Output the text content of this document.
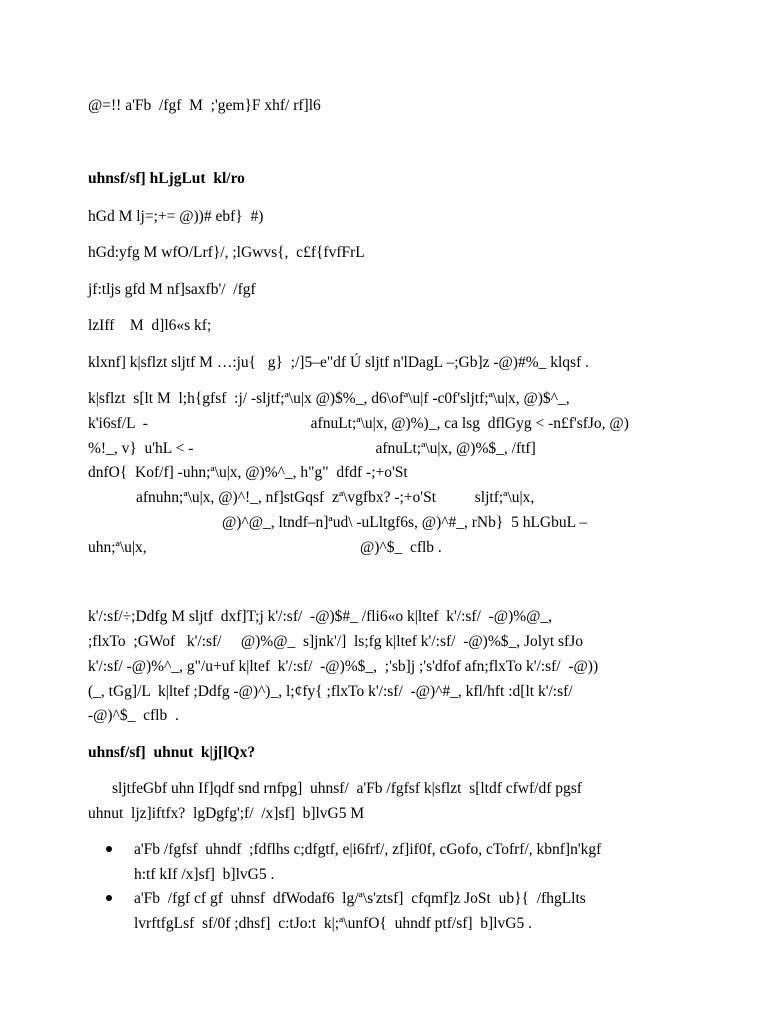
@=!! a'Fb  /fgf  M  ;'gem}F xhf/ rf]l6
uhnsf/sf] hLjgLut  kl/ro
hGd M lj=;+= @))# ebf}  #)
hGd:yfg M wfO/Lrf}/, ;lGwvs{,  c£f{fvfFrL
jf:tljs gfd M nf]saxfb'/  /fgf
lzIff    M  d]l6«s kf;
klxnf] k|sflzt sljtf M …:ju{   g}  ;/]5–e"df Ú sljtf n'lDagL –;Gb]z -@)#%_ klqsf .
k|sflzt  s[lt M  l;h{gfsf  :j/ -sljtf;ª\u|x @)$%_, d6\ofª\u|f -c0f'sljtf;ª\u|x, @)$^_,
k'i6sf/L  -                                          afnuLt;ª\u|x, @)%)_, ca lsg  dflGyg < -n£f'sfJo, @)
%!_, v}  u'hL < -                                               afnuLt;ª\u|x, @)%$_, /ftf]
dnfO{  Kof/f] -uhn;ª\u|x, @)%^_, h"g"  dfdf -;+o'St
afnuhn;ª\u|x, @)^!_, nf]stGqsf  zª\vgfbx? -;+o'St          sljtf;ª\u|x,
@)^@_, ltndf–n]ªud\ -uLltgf6s, @)^#_, rNb}  5 hLGbuL –
uhn;ª\u|x,	@)^$_  cflb .
k'/:sf/÷;Ddfg M sljtf  dxf]T;j k'/:sf/  -@)$#_ /fli6«o k|ltef  k'/:sf/  -@)%@_,
;flxTo  ;GWof   k'/:sf/     @)%@_  s]jnk'/]  ls;fg k|ltef k'/:sf/  -@)%$_, Jolyt sfJo
k'/:sf/ -@)%^_, g"/u+uf k|ltef  k'/:sf/  -@)%$_,  ;'sb]j ;'s'dfof afn;flxTo k'/:sf/  -@))
(_, tGg]/L  k|ltef ;Ddfg -@)^)_, l;¢fy{ ;flxTo k'/:sf/  -@)^#_, kfl/hft :d[lt k'/:sf/
-@)^$_  cflb  .
uhnsf/sf]  uhnut  k|j[lQx?
sljtfeGbf uhn If]qdf snd rnfpg]  uhnsf/  a'Fb /fgfsf k|sflzt  s[ltdf cfwf/df pgsf
uhnut  ljz]iftfx?  lgDgfg';f/  /x]sf]  b]lvG5 M
a'Fb /fgfsf  uhndf  ;fdflhs c;dfgtf, e|i6frf/, zf]if0f, cGofo, cTofrf/, kbnf]n'kgf
h:tf kIf /x]sf]  b]lvG5 .
a'Fb  /fgf cf gf  uhnsf  dfWodaf6  lg/ª\s'ztsf]  cfqmf]z JoSt  ub}{  /fhgLlts
lvrftfgLsf  sf/0f ;dhsf]  c:tJo:t  k|;ª\unfO{  uhndf ptf/sf]  b]lvG5 .
